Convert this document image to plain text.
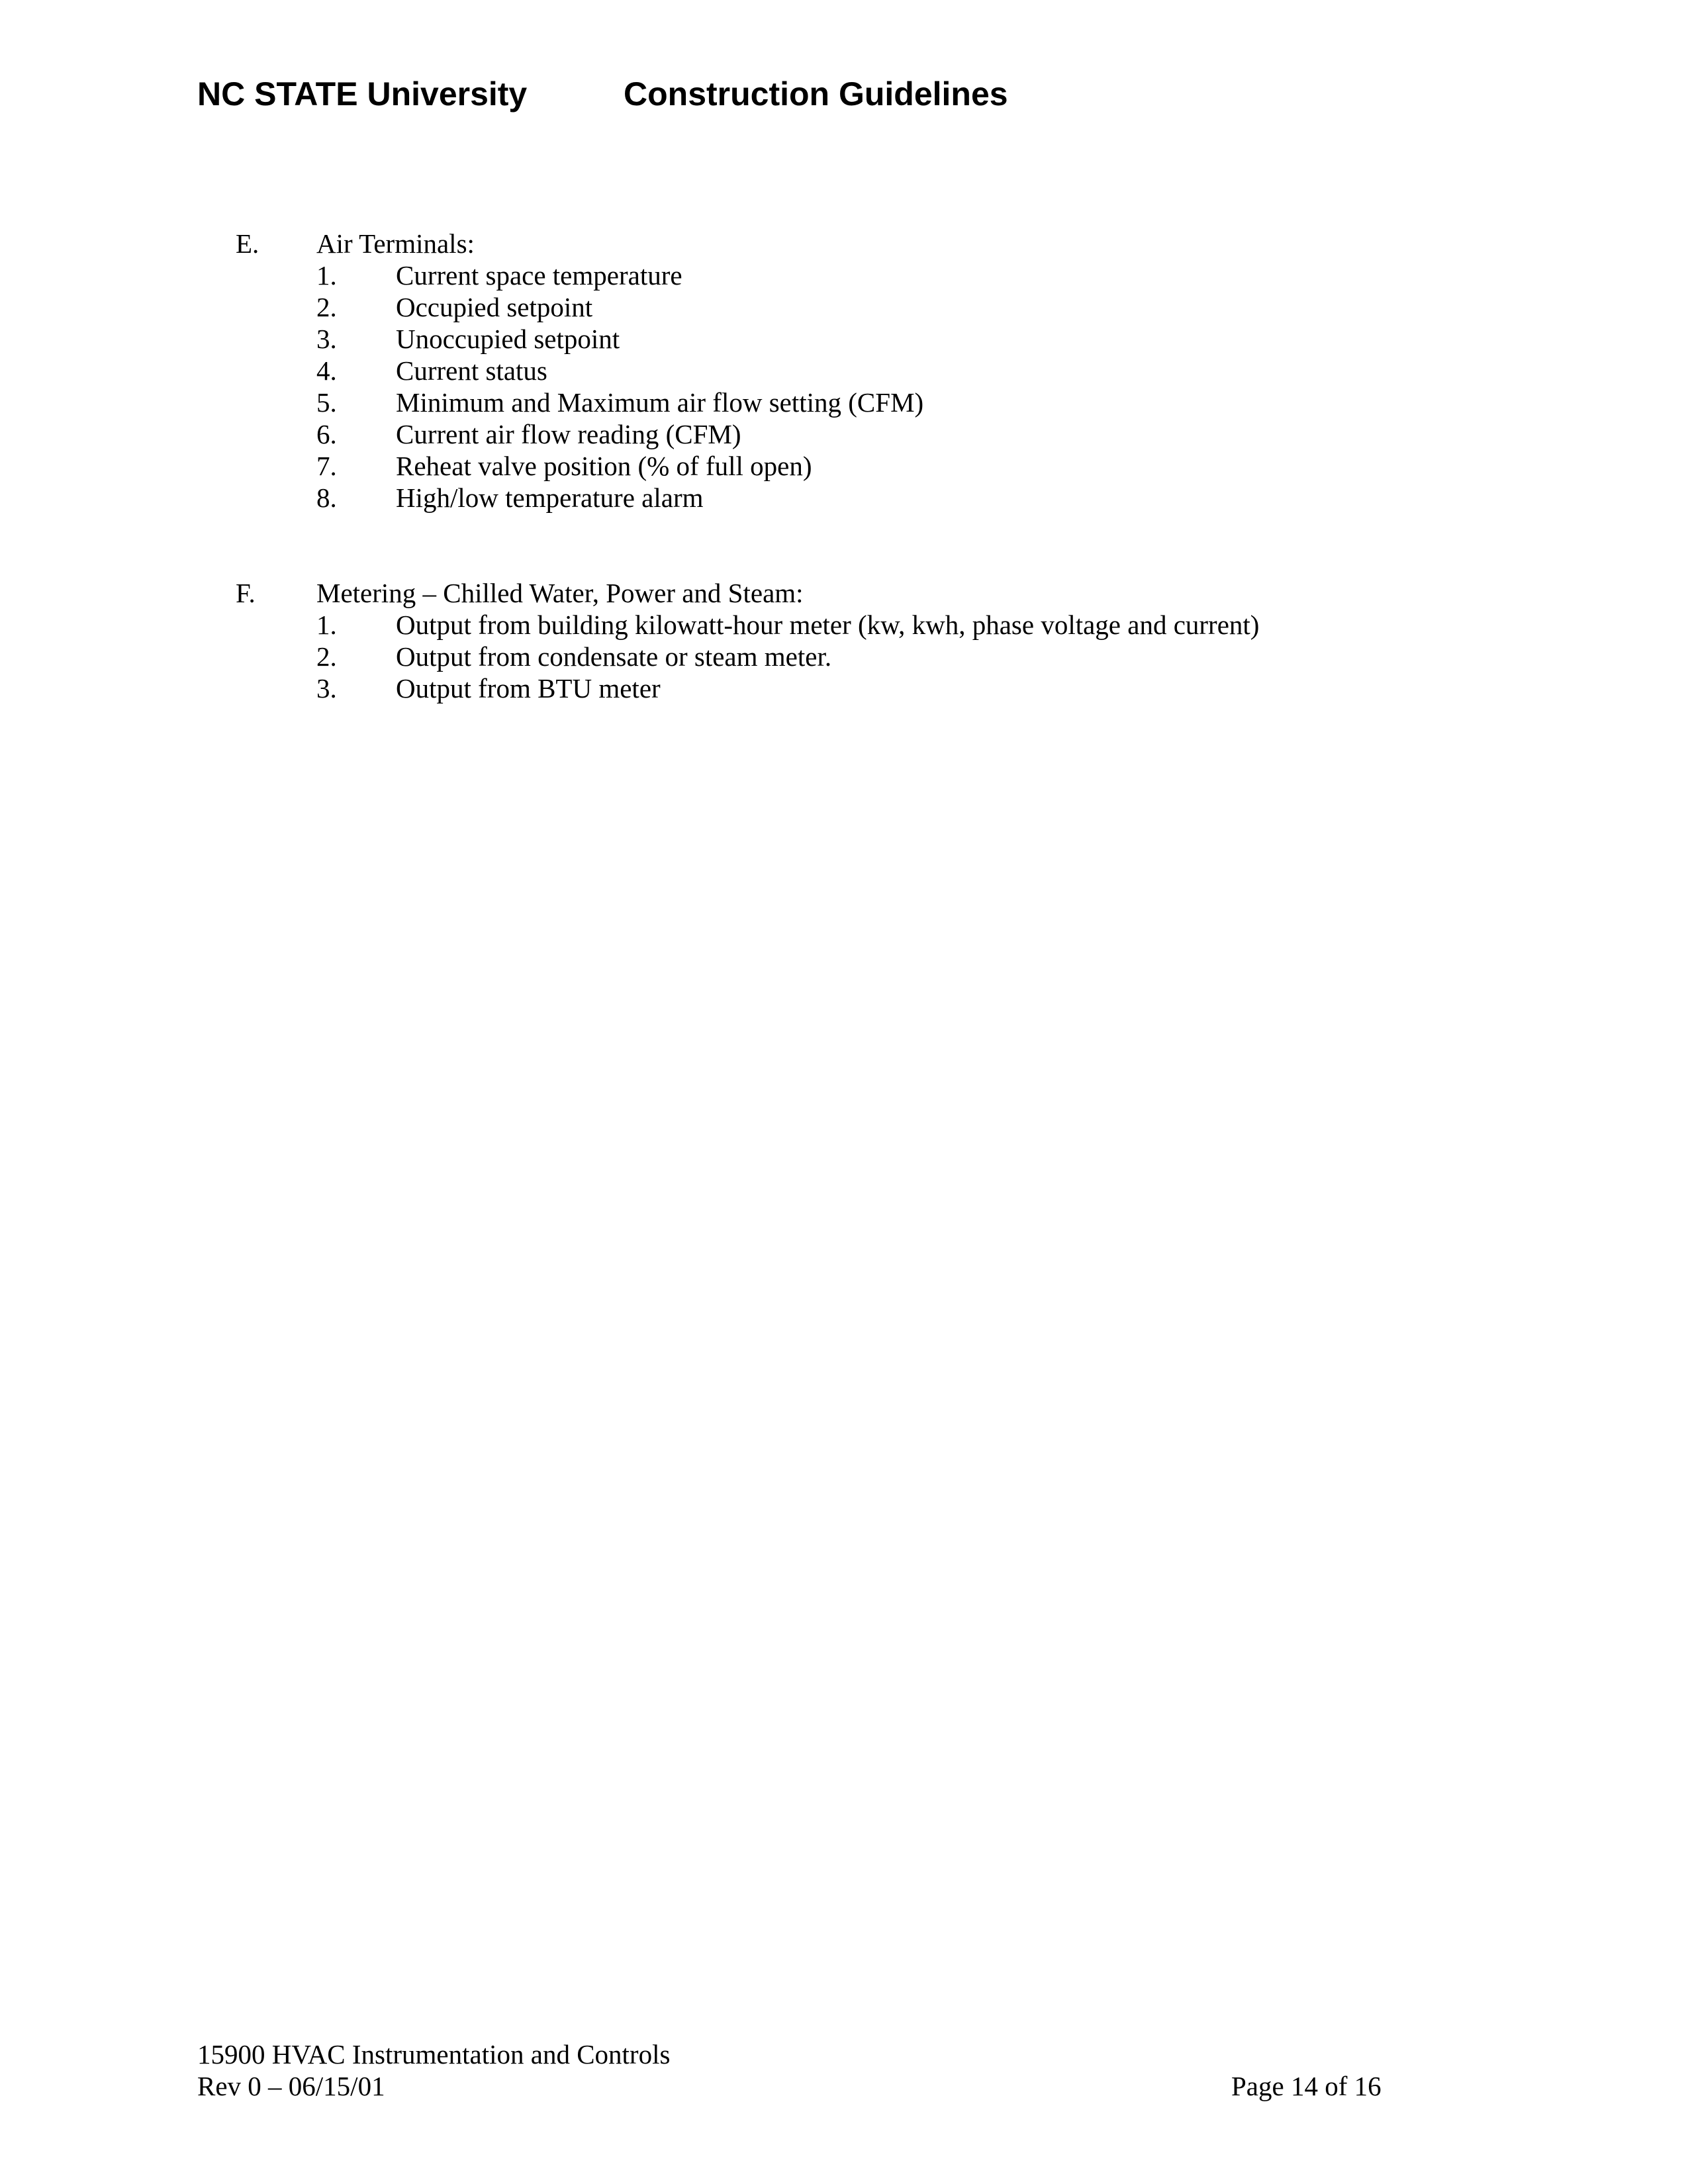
NC STATE University	Construction Guidelines
E. Air Terminals:
1. Current space temperature
2. Occupied setpoint
3. Unoccupied setpoint
4. Current status
5. Minimum and Maximum air flow setting (CFM)
6. Current air flow reading (CFM)
7. Reheat valve position (% of full open)
8. High/low temperature alarm
F. Metering – Chilled Water, Power and Steam:
1. Output from building kilowatt-hour meter (kw, kwh, phase voltage and current)
2. Output from condensate or steam meter.
3. Output from BTU meter
15900 HVAC Instrumentation and Controls
Rev 0 – 06/15/01	Page 14 of 16
